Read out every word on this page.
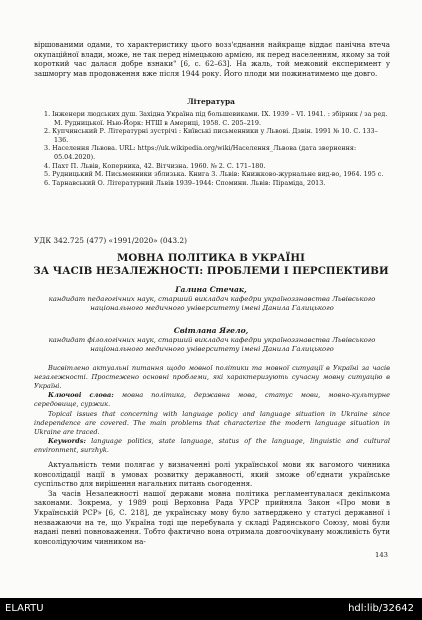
вiршованими одами, то характеристику цього возз'єднання найкраще віддає панічна втеча окупаційної влади, може, не так перед німецькою армією, як перед населенням, якому за той короткий час далася добре взнаки" [6, с. 62–63]. На жаль, той межовий експеримент у зашморгу мав продовження вже після 1944 року. Його плоди ми пожинатимемо ще довго.
Література
1. Інженери людських душ. Західна Україна під большевиками. IX. 1939 – VI. 1941. : збірник / за ред. М. Рудницької. Нью-Йорк: НТШ в Америці, 1958. С. 205–219.
2. Купчинський Р. Літературні зустрічі : Київські письменники у Львові. Дзвін. 1991 № 10. С. 133–136.
3. Населення Львова. URL: https://uk.wikipedia.org/wiki/Населення_Львова (дата звернення: 05.04.2020).
4. Пахт П. Львів, Коперника, 42. Вітчизна. 1960. № 2. С. 171–180.
5. Рудницький М. Письменники зблизька. Книга 3. Львів: Книжково-журнальне вид-во, 1964. 195 с.
6. Тарнавський О. Літературний Львів 1939–1944: Спомини. Львів: Піраміда, 2013.
УДК 342.725 (477) «1991/2020» (043.2)
МОВНА ПОЛІТИКА В УКРАЇНІ
ЗА ЧАСІВ НЕЗАЛЕЖНОСТІ: ПРОБЛЕМИ І ПЕРСПЕКТИВИ
Галина Стечак,
кандидат педагогічних наук, старший викладач кафедри україноззнавства Львівського національного медичного університету імені Данила Галицького
Світлана Ягело,
кандидат філологічних наук, старший викладач кафедри україноззнавства Львівського національного медичного університету імені Данила Галицького
Висвітлено актуальні питання щодо мовної політики та мовної ситуації в Україні за часів незалежності. Простежено основні проблеми, які характеризують сучасну мовну ситуацію в Україні.
Ключові слова: мовна політика, державна мова, статус мови, мовно-культурне середовище, суржик.
Topical issues that concerning with language policy and language situation in Ukraine since independence are covered. The main problems that characterize the modern language situation in Ukraine are traced.
Keywords: language politics, state language, status of the language, linguistic and cultural environment, surzhyk.

Актуальність теми полягає у визначенні ролі української мови як вагомого чинника консолідації нації в умовах розвитку державності, який зможе об'єднати українське суспільство для вирішення нагальних питань сьогодення.

За часів Незалежності нашої держави мовна політика регламентувалася декількома законами. Зокрема, у 1989 році Верховна Рада УРСР прийняла Закон «Про мови в Українській РСР» [6, С. 218], де українську мову було затверджено у статусі державної і незважаючи на те, що Україна тоді ще перебувала у складі Радянського Союзу, мові були надані певні повноваження. Тобто фактично вона отримала довгоочікувану можливість бути консолідуючим чинником на-

143
ELARTU	hdl:lib/32642
